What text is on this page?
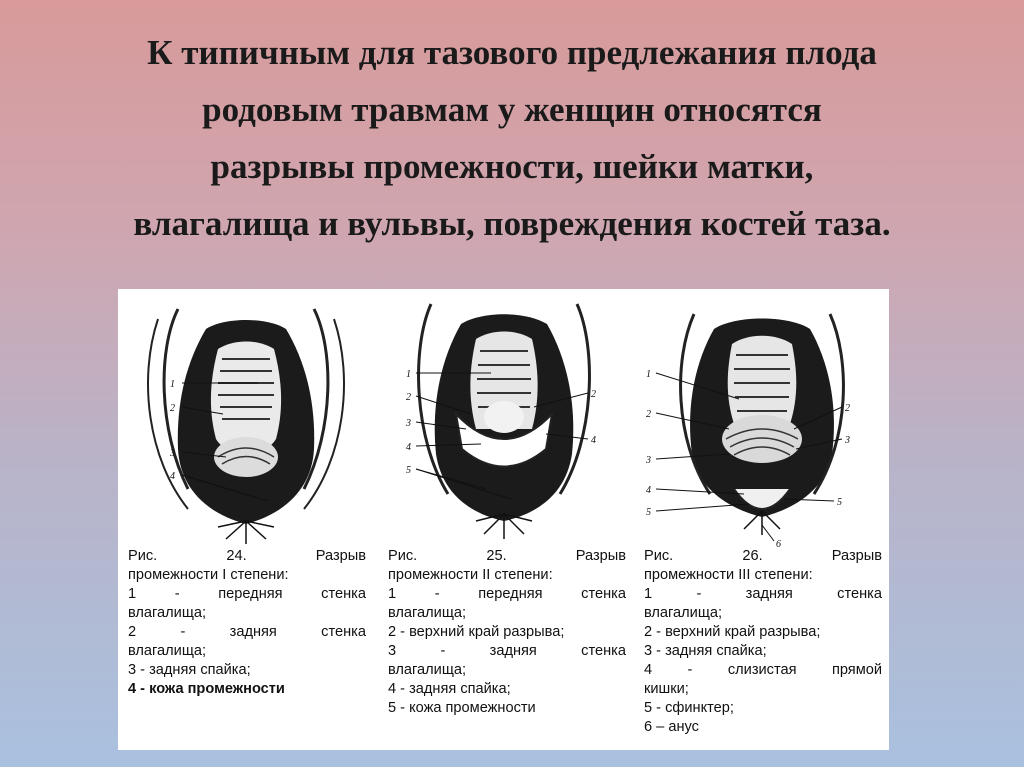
К типичным для тазового предлежания плода
родовым травмам у женщин относятся
разрывы промежности, шейки матки,
влагалища и вульвы, повреждения костей таза.
1
2
3
4
Рис. 24. Разрыв
промежности I степени:
1 - передняя стенка
влагалища;
2 - задняя стенка
влагалища;
3 - задняя спайка;
4 - кожа промежности
1
2
3
4
5
2
4
Рис. 25. Разрыв
промежности II степени:
1 - передняя стенка
влагалища;
2 - верхний край разрыва;
3 - задняя стенка
влагалища;
4 - задняя спайка;
5 - кожа промежности
1
2
3
4
5
2
3
5
6
Рис. 26. Разрыв
промежности III степени:
1 - задняя стенка
влагалища;
2 - верхний край разрыва;
3 - задняя спайка;
4 - слизистая прямой
кишки;
5 - сфинктер;
6 – анус
